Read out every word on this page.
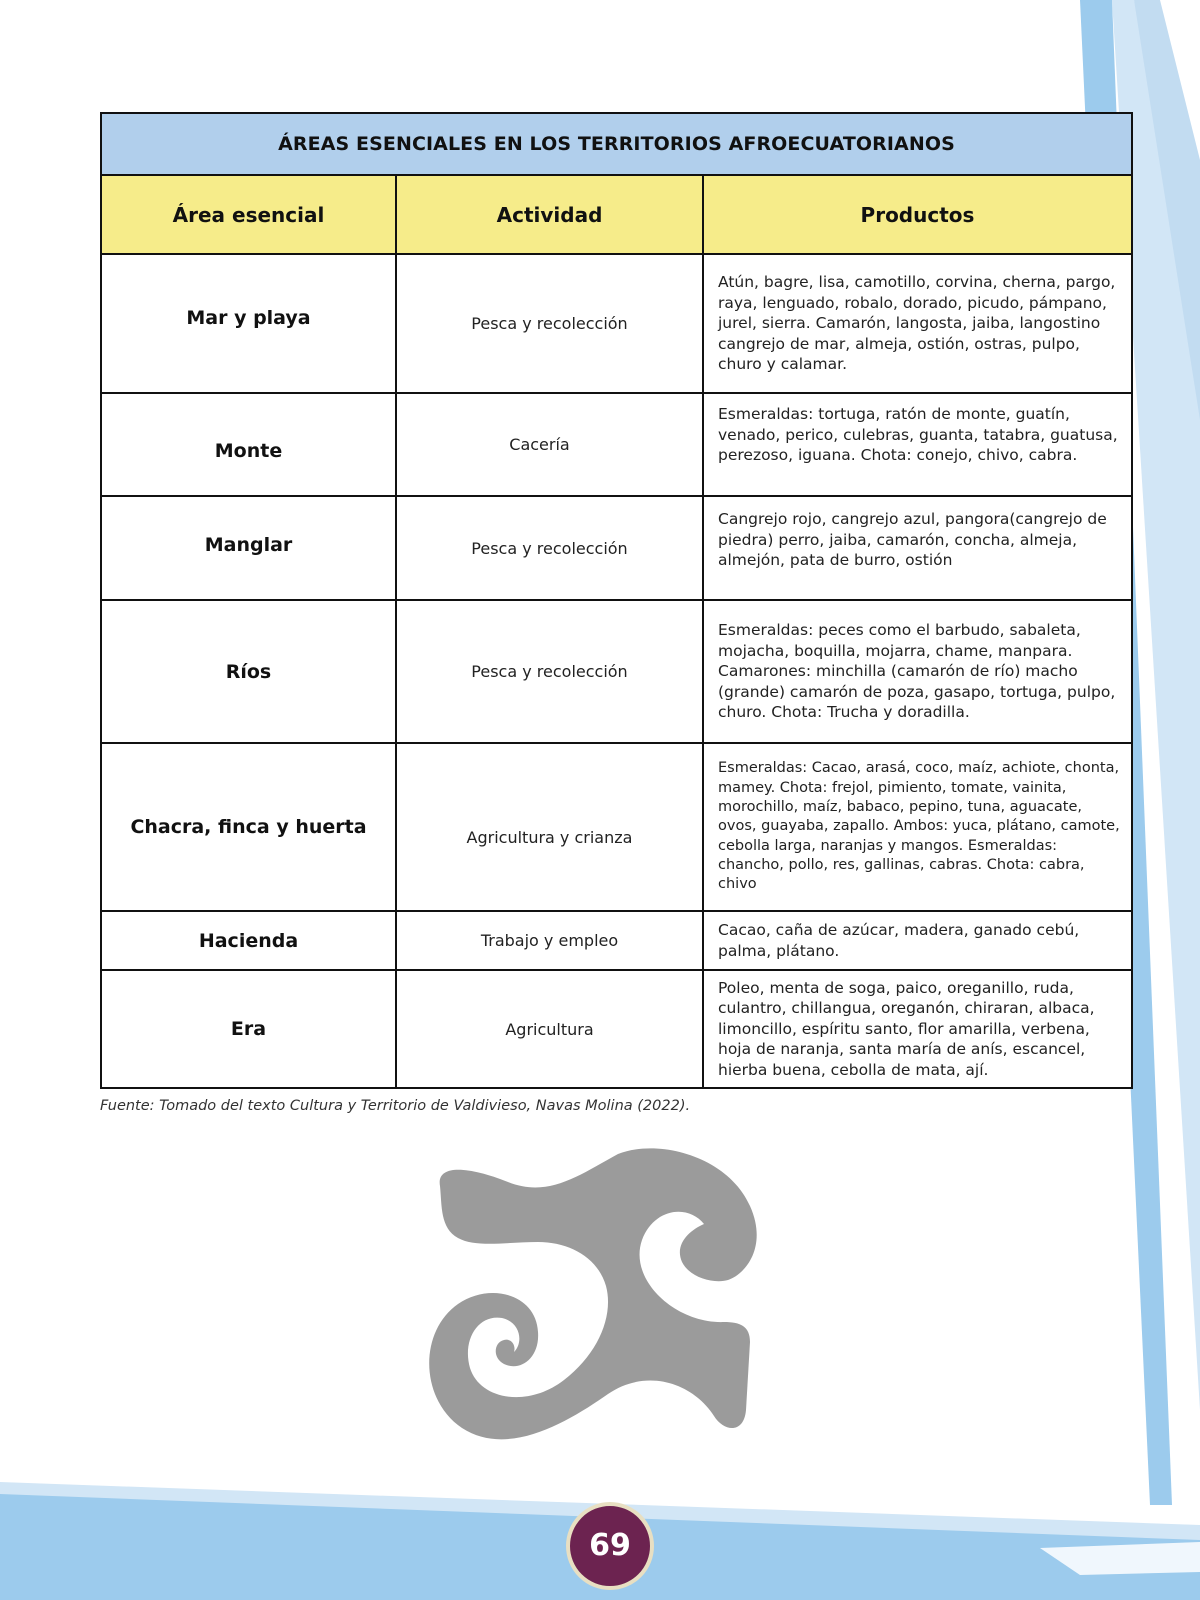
ÁREAS ESENCIALES EN LOS TERRITORIOS AFROECUATORIANOS		
Área esencial	Actividad	Productos
Mar y playa	Pesca y recolección	Atún, bagre, lisa, camotillo, corvina, cherna, pargo, raya, lenguado, robalo, dorado, picudo, pámpano, jurel, sierra. Camarón, langosta, jaiba, langostino cangrejo de mar, almeja, ostión, ostras, pulpo, churo y calamar.
Monte	Cacería	Esmeraldas: tortuga, ratón de monte, guatín, venado, perico, culebras, guanta, tatabra, guatusa, perezoso, iguana. Chota: conejo, chivo, cabra.
Manglar	Pesca y recolección	Cangrejo rojo, cangrejo azul, pangora(cangrejo de piedra) perro, jaiba, camarón, concha, almeja, almejón, pata de burro, ostión
Ríos	Pesca y recolección	Esmeraldas: peces como el barbudo, sabaleta, mojacha, boquilla, mojarra, chame, manpara. Camarones: minchilla (camarón de río) macho (grande) camarón de poza, gasapo, tortuga, pulpo, churo. Chota: Trucha y doradilla.
Chacra, finca y huerta	Agricultura y crianza	Esmeraldas: Cacao, arasá, coco, maíz, achiote, chonta, mamey. Chota: frejol, pimiento, tomate, vainita, morochillo, maíz, babaco, pepino, tuna, aguacate, ovos, guayaba, zapallo. Ambos: yuca, plátano, camote, cebolla larga, naranjas y mangos. Esmeraldas: chancho, pollo, res, gallinas, cabras. Chota: cabra, chivo
Hacienda	Trabajo y empleo	Cacao, caña de azúcar, madera, ganado cebú, palma, plátano.
Era	Agricultura	Poleo, menta de soga, paico, oreganillo, ruda, culantro, chillangua, oreganón, chiraran, albaca, limoncillo, espíritu santo, flor amarilla, verbena, hoja de naranja, santa maría de anís, escancel, hierba buena, cebolla de mata, ají.
Fuente: Tomado del texto Cultura y Territorio de Valdivieso, Navas Molina (2022).
69
